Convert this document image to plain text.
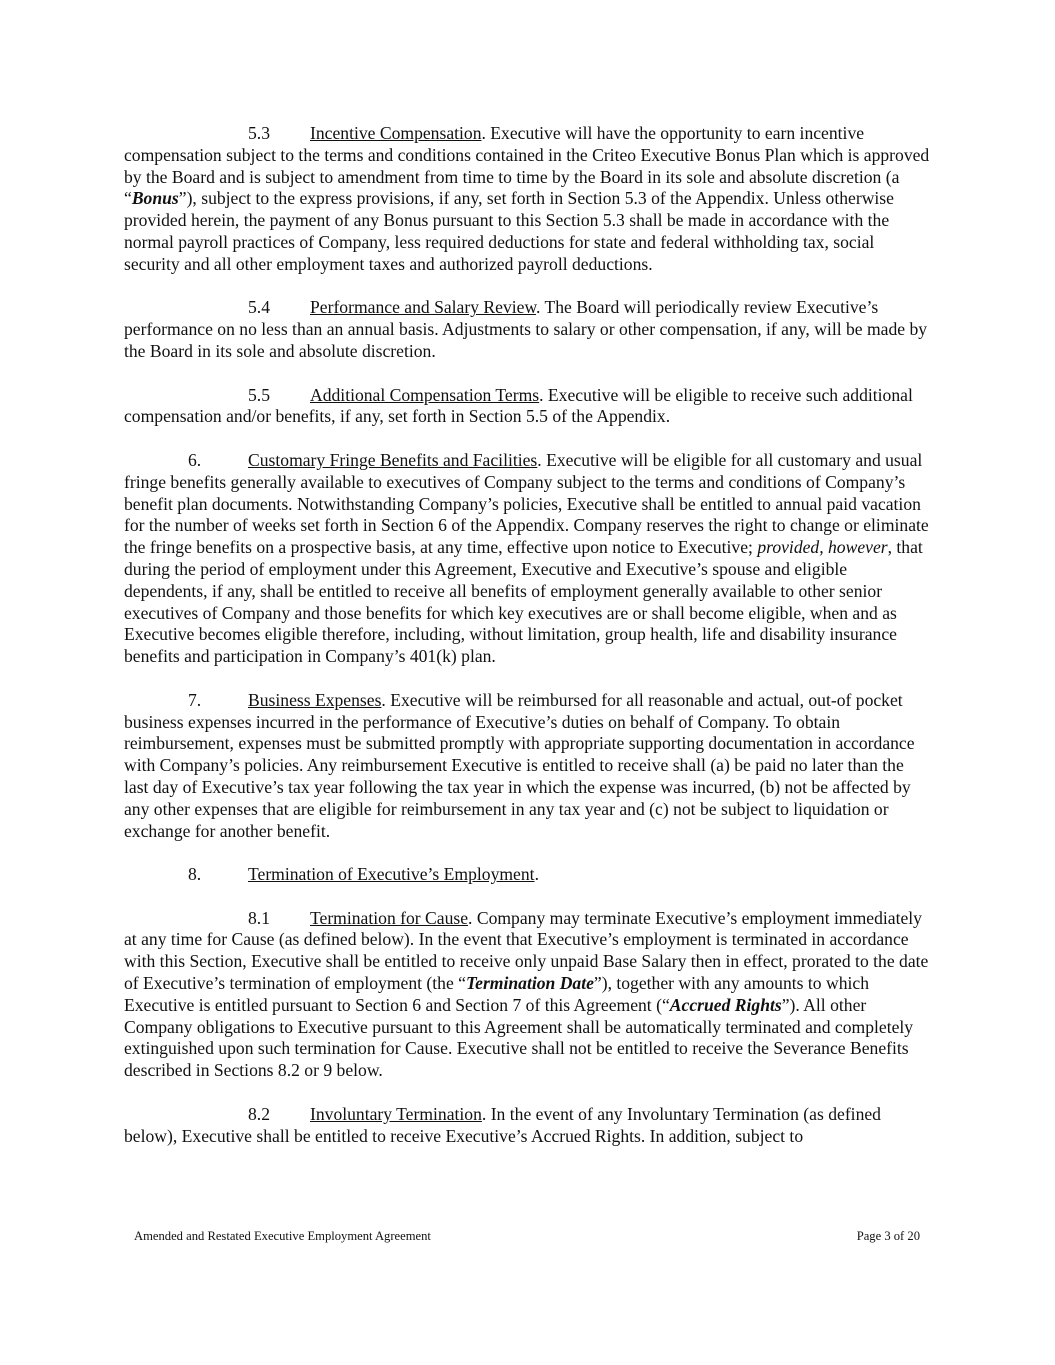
5.3 Incentive Compensation. Executive will have the opportunity to earn incentive compensation subject to the terms and conditions contained in the Criteo Executive Bonus Plan which is approved by the Board and is subject to amendment from time to time by the Board in its sole and absolute discretion (a “Bonus”), subject to the express provisions, if any, set forth in Section 5.3 of the Appendix. Unless otherwise provided herein, the payment of any Bonus pursuant to this Section 5.3 shall be made in accordance with the normal payroll practices of Company, less required deductions for state and federal withholding tax, social security and all other employment taxes and authorized payroll deductions.

5.4 Performance and Salary Review. The Board will periodically review Executive’s performance on no less than an annual basis. Adjustments to salary or other compensation, if any, will be made by the Board in its sole and absolute discretion.

5.5 Additional Compensation Terms. Executive will be eligible to receive such additional compensation and/or benefits, if any, set forth in Section 5.5 of the Appendix.

6.	Customary Fringe Benefits and Facilities. Executive will be eligible for all customary and usual fringe benefits generally available to executives of Company subject to the terms and conditions of Company’s benefit plan documents. Notwithstanding Company’s policies, Executive shall be entitled to annual paid vacation for the number of weeks set forth in Section 6 of the Appendix. Company reserves the right to change or eliminate the fringe benefits on a prospective basis, at any time, effective upon notice to Executive; provided, however, that during the period of employment under this Agreement, Executive and Executive’s spouse and eligible dependents, if any, shall be entitled to receive all benefits of employment generally available to other senior executives of Company and those benefits for which key executives are or shall become eligible, when and as Executive becomes eligible therefore, including, without limitation, group health, life and disability insurance benefits and participation in Company’s 401(k) plan.

7.	Business Expenses. Executive will be reimbursed for all reasonable and actual, out-of pocket business expenses incurred in the performance of Executive’s duties on behalf of Company. To obtain reimbursement, expenses must be submitted promptly with appropriate supporting documentation in accordance with Company’s policies. Any reimbursement Executive is entitled to receive shall (a) be paid no later than the last day of Executive’s tax year following the tax year in which the expense was incurred, (b) not be affected by any other expenses that are eligible for reimbursement in any tax year and (c) not be subject to liquidation or exchange for another benefit.

8.	Termination of Executive’s Employment.

8.1 Termination for Cause. Company may terminate Executive’s employment immediately at any time for Cause (as defined below). In the event that Executive’s employment is terminated in accordance with this Section, Executive shall be entitled to receive only unpaid Base Salary then in effect, prorated to the date of Executive’s termination of employment (the “Termination Date”), together with any amounts to which Executive is entitled pursuant to Section 6 and Section 7 of this Agreement (“Accrued Rights”). All other Company obligations to Executive pursuant to this Agreement shall be automatically terminated and completely extinguished upon such termination for Cause. Executive shall not be entitled to receive the Severance Benefits described in Sections 8.2 or 9 below.

8.2 Involuntary Termination. In the event of any Involuntary Termination (as defined below), Executive shall be entitled to receive Executive’s Accrued Rights. In addition, subject to

Amended and Restated Executive Employment Agreement	Page 3 of 20
